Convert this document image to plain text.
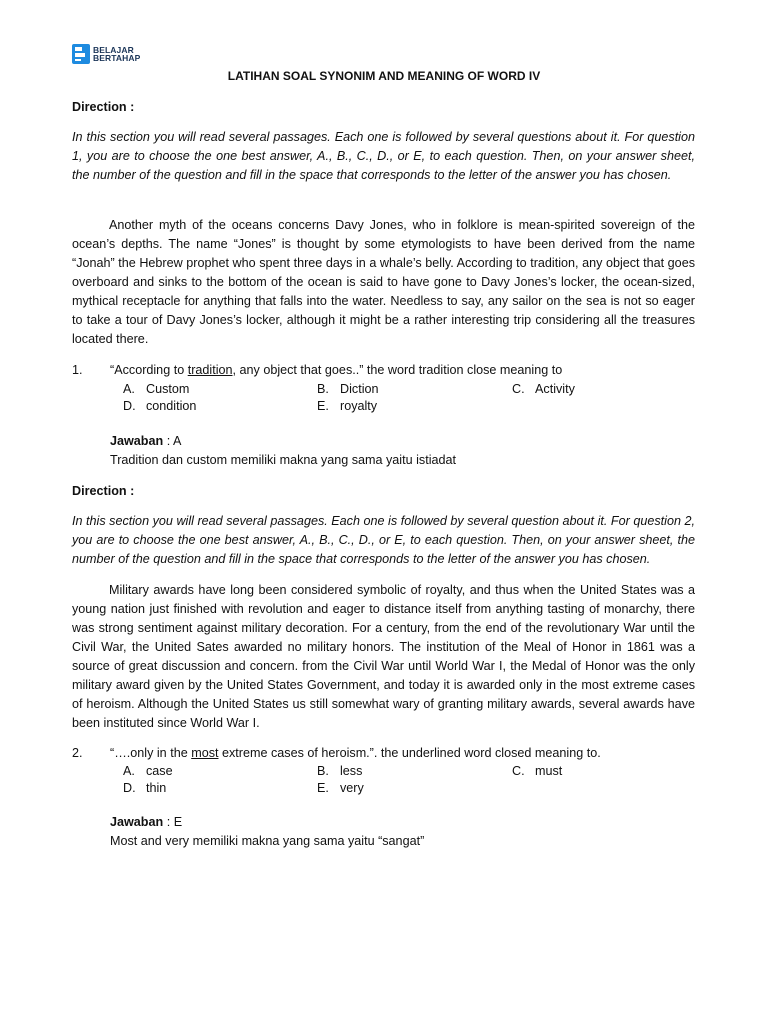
BELAJAR
BERTAHAP
LATIHAN SOAL SYNONIM AND MEANING OF WORD IV
Direction :
In this section you will read several passages. Each one is followed by several questions about it. For question 1, you are to choose the one best answer, A., B., C., D., or E, to each question. Then, on your answer sheet, the number of the question and fill in the space that corresponds to the letter of the answer you has chosen.
Another myth of the oceans concerns Davy Jones, who in folklore is mean-spirited sovereign of the ocean’s depths. The name “Jones” is thought by some etymologists to have been derived from the name “Jonah” the Hebrew prophet who spent three days in a whale’s belly. According to tradition, any object that goes overboard and sinks to the bottom of the ocean is said to have gone to Davy Jones’s locker, the ocean-sized, mythical receptacle for anything that falls into the water. Needless to say, any sailor on the sea is not so eager to take a tour of Davy Jones’s locker, although it might be a rather interesting trip considering all the treasures located there.
1. “According to tradition, any object that goes..” the word tradition close meaning to
A. Custom	B. Diction	C. Activity
D. condition	E. royalty
Jawaban : A
Tradition dan custom memiliki makna yang sama yaitu istiadat
Direction :
In this section you will read several passages. Each one is followed by several question about it. For question 2, you are to choose the one best answer, A., B., C., D., or E, to each question. Then, on your answer sheet, the number of the question and fill in the space that corresponds to the letter of the answer you has chosen.
Military awards have long been considered symbolic of royalty, and thus when the United States was a young nation just finished with revolution and eager to distance itself from anything tasting of monarchy, there was strong sentiment against military decoration. For a century, from the end of the revolutionary War until the Civil War, the United Sates awarded no military honors. The institution of the Meal of Honor in 1861 was a source of great discussion and concern. from the Civil War until World War I, the Medal of Honor was the only military award given by the United States Government, and today it is awarded only in the most extreme cases of heroism. Although the United States us still somewhat wary of granting military awards, several awards have been instituted since World War I.
2. “….only in the most extreme cases of heroism.”. the underlined word closed meaning to.
A. case	B. less	C. must
D. thin	E. very
Jawaban : E
Most and very memiliki makna yang sama yaitu “sangat”
